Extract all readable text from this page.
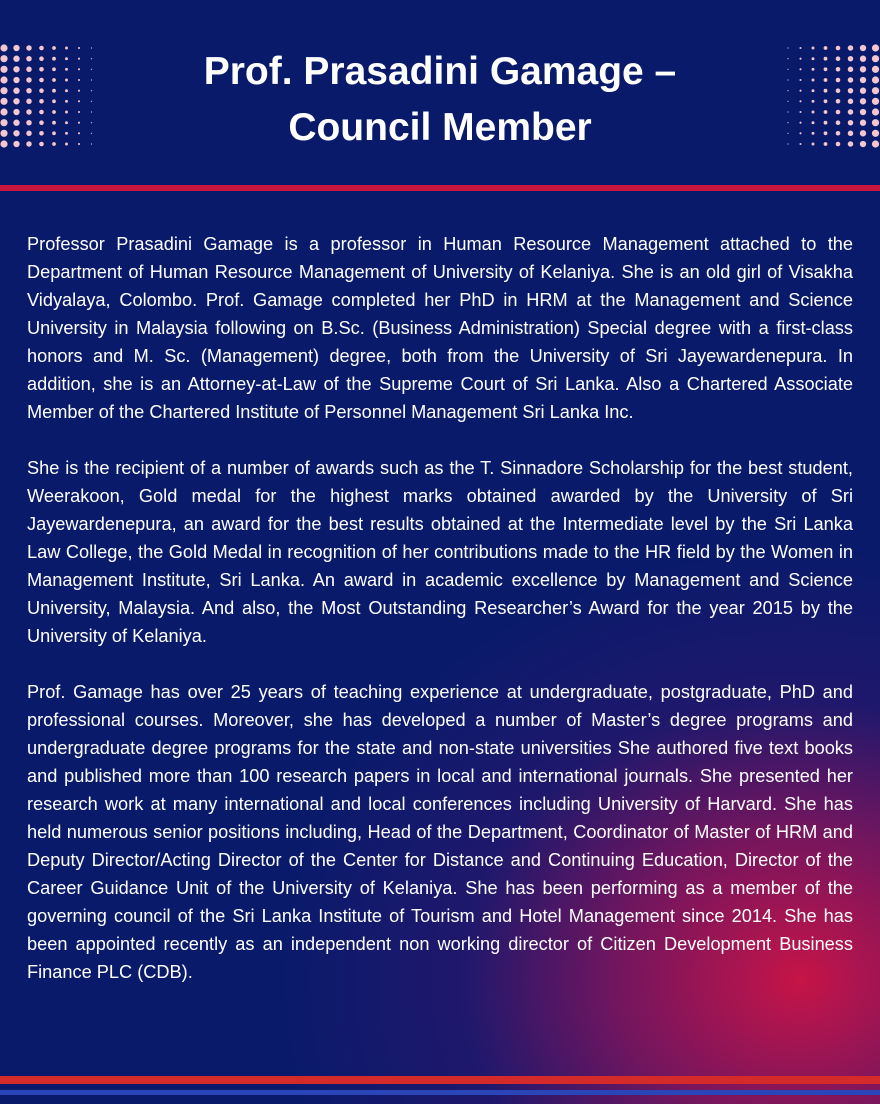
Prof. Prasadini Gamage –
Council Member

Professor Prasadini Gamage is a professor in Human Resource Management attached to the Department of Human Resource Management of University of Kelaniya. She is an old girl of Visakha Vidyalaya, Colombo. Prof. Gamage completed her PhD in HRM at the Management and Science University in Malaysia following on B.Sc. (Business Administration) Special degree with a first-class honors and M. Sc. (Management) degree, both from the University of Sri Jayewardenepura. In addition, she is an Attorney-at-Law of the Supreme Court of Sri Lanka. Also a Chartered Associate Member of the Chartered Institute of Personnel Management Sri Lanka Inc.

She is the recipient of a number of awards such as the T. Sinnadore Scholarship for the best student, Weerakoon, Gold medal for the highest marks obtained awarded by the University of Sri Jayewardenepura, an award for the best results obtained at the Intermediate level by the Sri Lanka Law College, the Gold Medal in recognition of her contributions made to the HR field by the Women in Management Institute, Sri Lanka. An award in academic excellence by Management and Science University, Malaysia. And also, the Most Outstanding Researcher’s Award for the year 2015 by the University of Kelaniya.

Prof. Gamage has over 25 years of teaching experience at undergraduate, postgraduate, PhD and professional courses. Moreover, she has developed a number of Master’s degree programs and undergraduate degree programs for the state and non-state universities She authored five text books and published more than 100 research papers in local and international journals. She presented her research work at many international and local conferences including University of Harvard. She has held numerous senior positions including, Head of the Department, Coordinator of Master of HRM and Deputy Director/Acting Director of the Center for Distance and Continuing Education, Director of the Career Guidance Unit of the University of Kelaniya. She has been performing as a member of the governing council of the Sri Lanka Institute of Tourism and Hotel Management since 2014. She has been appointed recently as an independent non working director of Citizen Development Business Finance PLC (CDB).
